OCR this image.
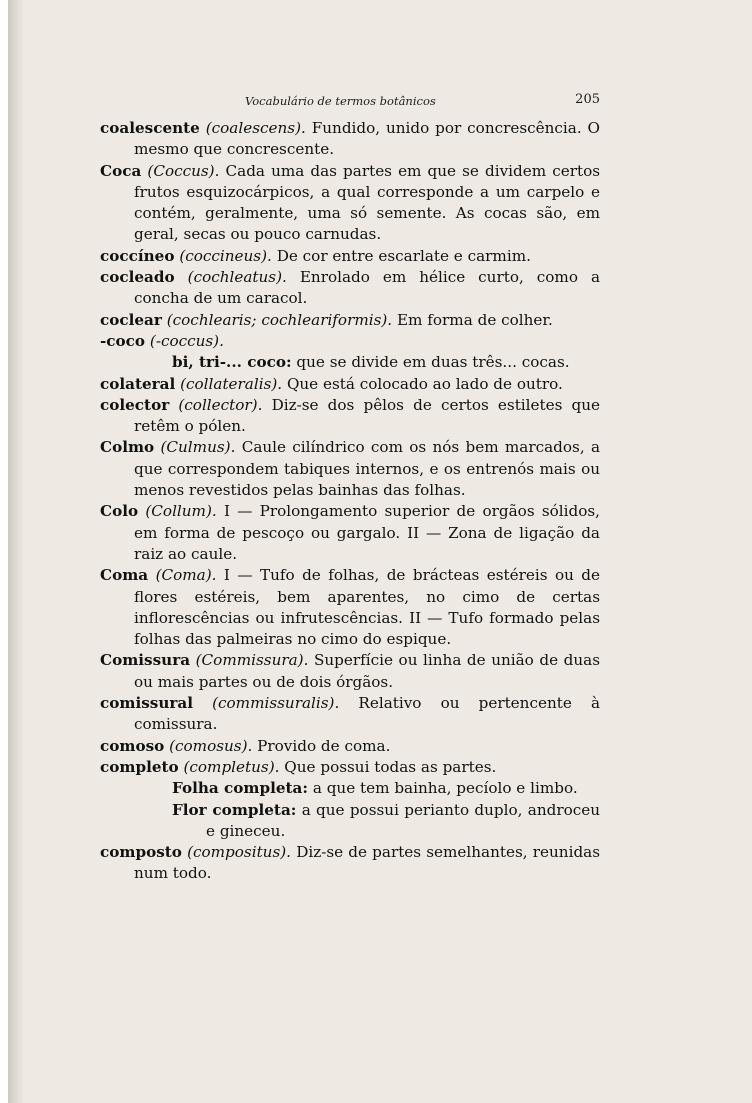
Vocabulário de termos botânicos	205

coalescente (coalescens). Fundido, unido por concrescência. O mesmo que concrescente.

Coca (Coccus). Cada uma das partes em que se dividem certos frutos esquizocárpicos, a qual corresponde a um carpelo e contém, geralmente, uma só semente. As cocas são, em geral, secas ou pouco carnudas.

coccíneo (coccineus). De cor entre escarlate e carmim.

cocleado (cochleatus). Enrolado em hélice curto, como a concha de um caracol.

coclear (cochlearis; cochleariformis). Em forma de colher.

-coco (-coccus).

bi, tri-... coco: que se divide em duas três... cocas.

colateral (collateralis). Que está colocado ao lado de outro.

colector (collector). Diz-se dos pêlos de certos estiletes que retêm o pólen.

Colmo (Culmus). Caule cilíndrico com os nós bem marcados, a que correspondem tabiques internos, e os entrenós mais ou menos revestidos pelas bainhas das folhas.

Colo (Collum). I — Prolongamento superior de orgãos sólidos, em forma de pescoço ou gargalo. II — Zona de ligação da raiz ao caule.

Coma (Coma). I — Tufo de folhas, de brácteas estéreis ou de flores estéreis, bem aparentes, no cimo de certas inflorescências ou infrutescências. II — Tufo formado pelas folhas das palmeiras no cimo do espique.

Comissura (Commissura). Superfície ou linha de união de duas ou mais partes ou de dois órgãos.

comissural (commissuralis). Relativo ou pertencente à comissura.

comoso (comosus). Provido de coma.

completo (completus). Que possui todas as partes.

Folha completa: a que tem bainha, pecíolo e limbo.

Flor completa: a que possui perianto duplo, androceu e gineceu.

composto (compositus). Diz-se de partes semelhantes, reunidas num todo.
